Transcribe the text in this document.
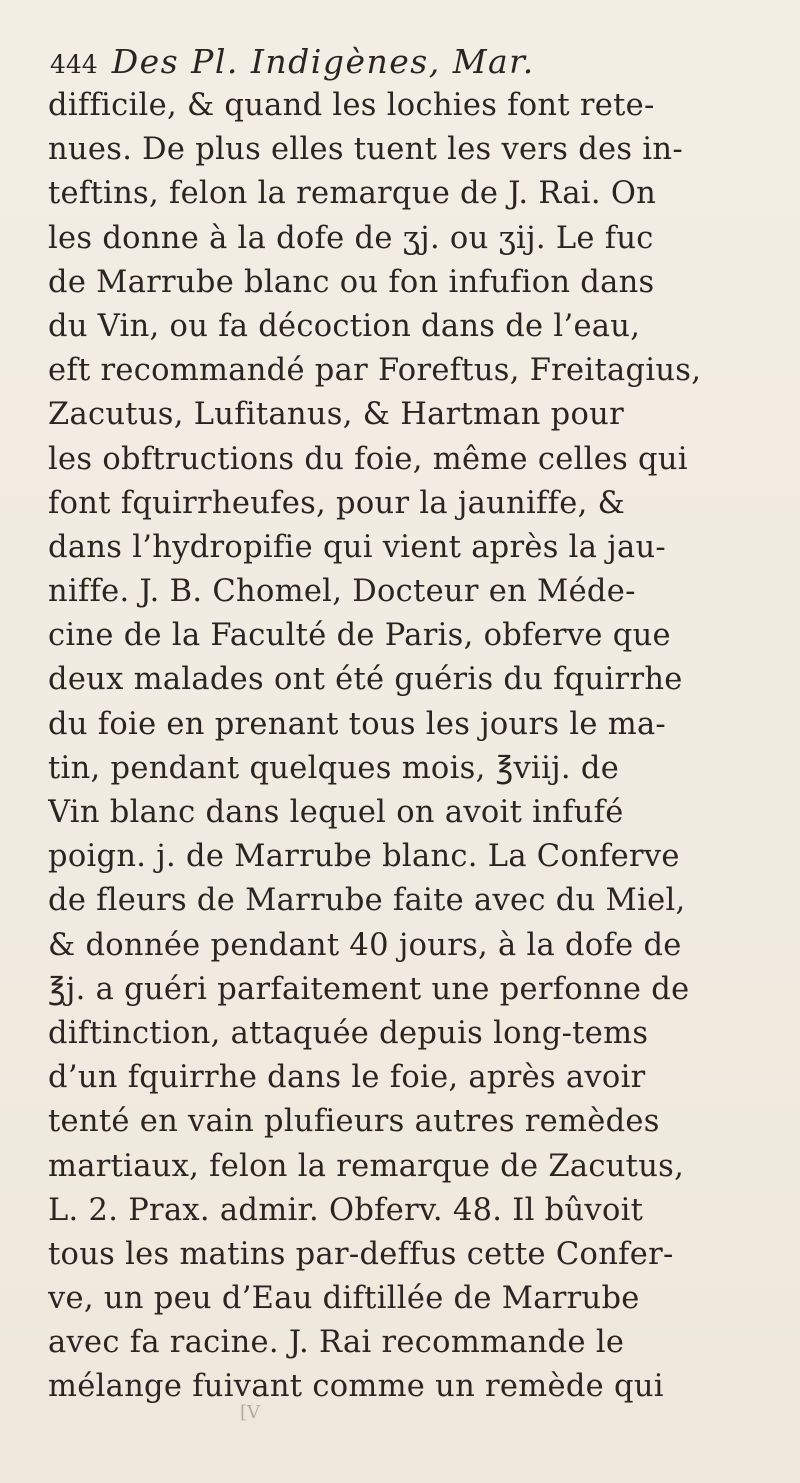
444 Des Pl. Indigènes, Mar.
difficile, & quand les lochies font rete-
nues. De plus elles tuent les vers des in-
teftins, felon la remarque de J. Rai. On
les donne à la dofe de ʒj. ou ʒij. Le fuc
de Marrube blanc ou fon infufion dans
du Vin, ou fa décoction dans de l’eau,
eft recommandé par Foreftus, Freitagius,
Zacutus, Lufitanus, & Hartman pour
les obftructions du foie, même celles qui
font fquirrheufes, pour la jauniffe, &
dans l’hydropifie qui vient après la jau-
niffe. J. B. Chomel, Docteur en Méde-
cine de la Faculté de Paris, obferve que
deux malades ont été guéris du fquirrhe
du foie en prenant tous les jours le ma-
tin, pendant quelques mois, ℥viij. de
Vin blanc dans lequel on avoit infufé
poign. j. de Marrube blanc. La Conferve
de fleurs de Marrube faite avec du Miel,
& donnée pendant 40 jours, à la dofe de
℥j. a guéri parfaitement une perfonne de
diftinction, attaquée depuis long-tems
d’un fquirrhe dans le foie, après avoir
tenté en vain plufieurs autres remèdes
martiaux, felon la remarque de Zacutus,
L. 2. Prax. admir. Obferv. 48. Il bûvoit
tous les matins par-deffus cette Confer-
ve, un peu d’Eau diftillée de Marrube
avec fa racine. J. Rai recommande le
mélange fuivant comme un remède qui
[V
